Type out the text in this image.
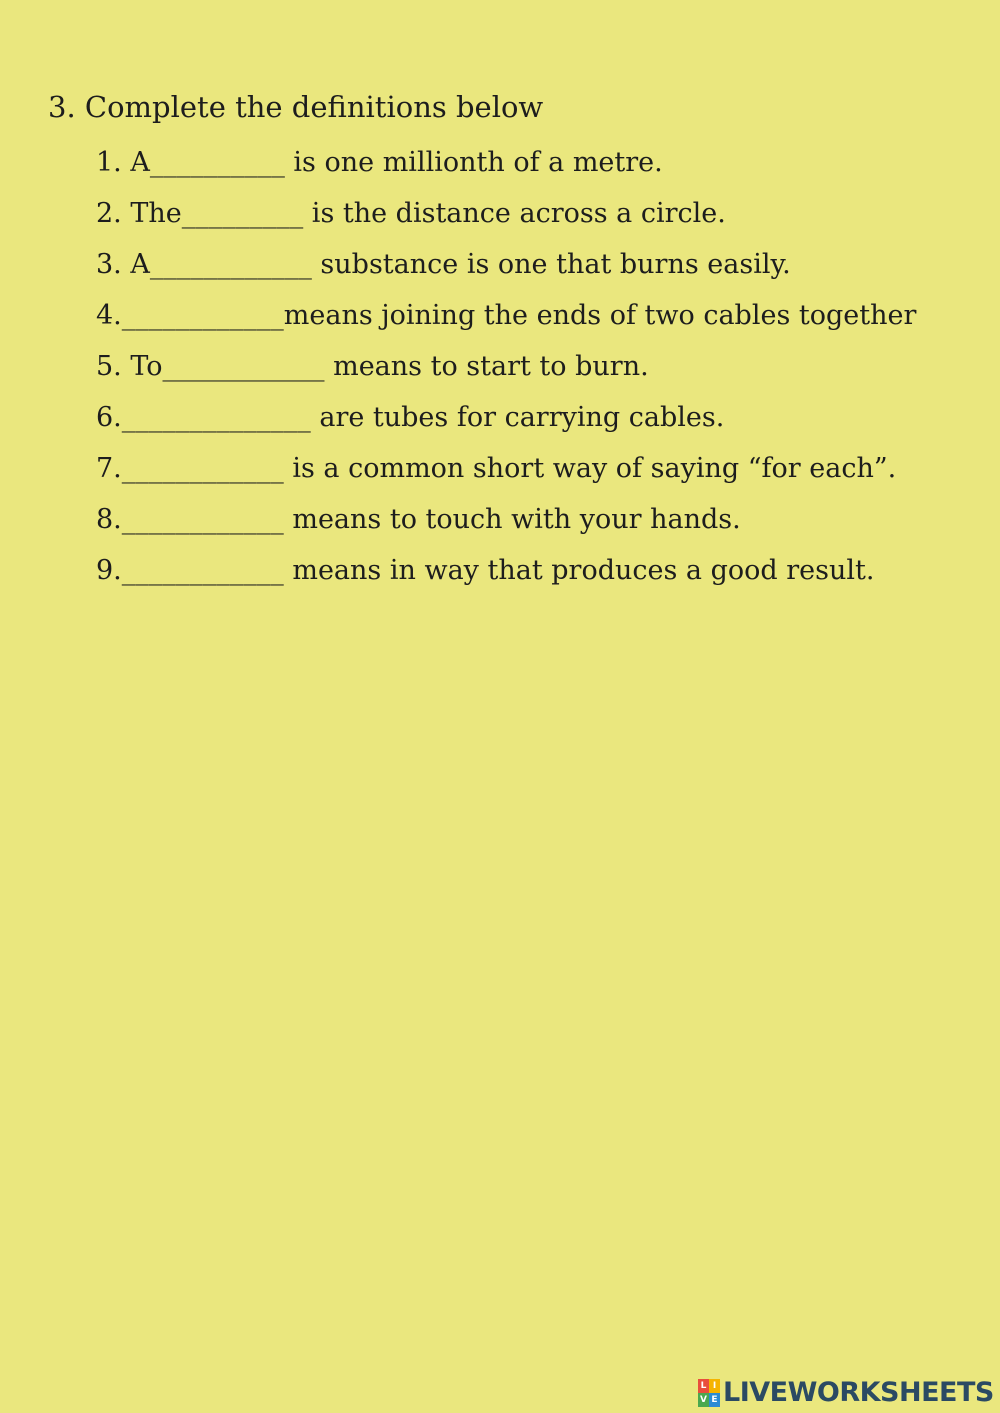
3. Complete the definitions below
1. A__________ is one millionth of a metre.
2. The_________ is the distance across a circle.
3. A____________ substance is one that burns easily.
4.____________means joining the ends of two cables together
5. To____________ means to start to burn.
6.______________ are tubes for carrying cables.
7.____________ is a common short way of saying “for each”.
8.____________ means to touch with your hands.
9.____________ means in way that produces a good result.
L I
V E LIVEWORKSHEETS
